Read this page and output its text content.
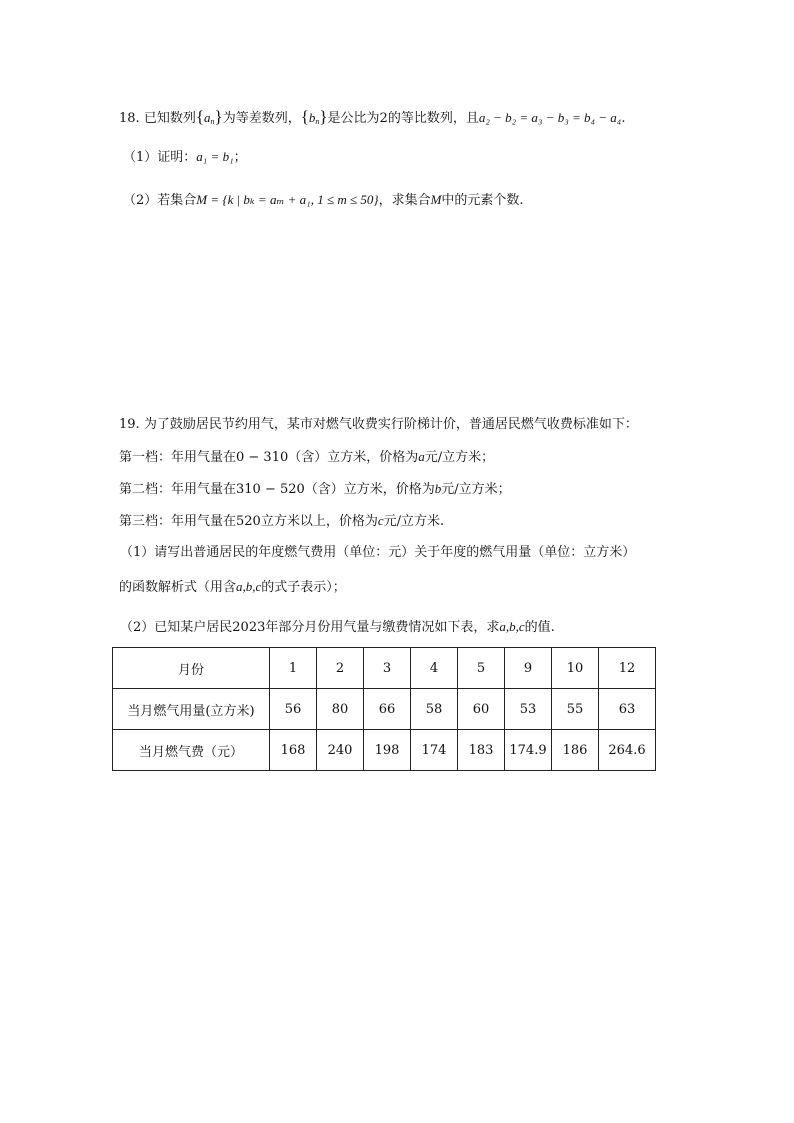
18. 已知数列$\{a_n\}$为等差数列，$\{b_n\}$是公比为2的等比数列，且a₂ − b₂ = a₃ − b₃ = b₄ − a₄.
（1）证明：a₁ = b₁；
（2）若集合M = {k | bₖ = aₘ + a₁, 1 ≤ m ≤ 50}，求集合M中的元素个数.
19. 为了鼓励居民节约用气，某市对燃气收费实行阶梯计价，普通居民燃气收费标准如下：
第一档：年用气量在0 − 310（含）立方米，价格为a元/立方米；
第二档：年用气量在310 − 520（含）立方米，价格为b元/立方米；
第三档：年用气量在520立方米以上，价格为c元/立方米.
（1）请写出普通居民的年度燃气费用（单位：元）关于年度的燃气用量（单位：立方米）
的函数解析式（用含a,b,c的式子表示）；
（2）已知某户居民2023年部分月份用气量与缴费情况如下表，求a,b,c的值.
月份	1	2	3	4	5	9	10	12
当月燃气用量(立方米)	56	80	66	58	60	53	55	63
当月燃气费（元）	168	240	198	174	183	174.9	186	264.6
